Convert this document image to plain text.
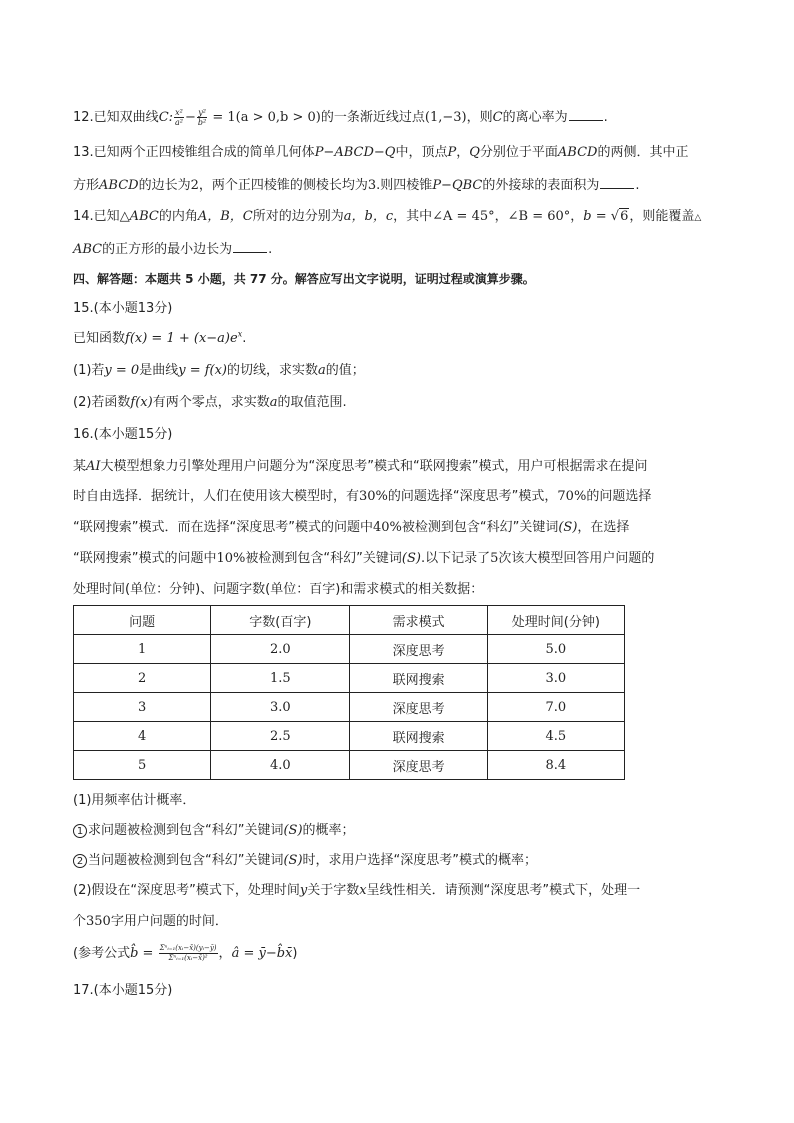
12.已知双曲线C: $\frac{\text{x²}}{\text{a²}} - \frac{\text{y²}}{\text{b²}} = 1(a > 0,b > 0)$的一条渐近线过点(1,−3)，则C的离心率为	.
13.已知两个正四棱锥组合成的简单几何体P−ABCD−Q中，顶点P，Q分别位于平面ABCD的两侧．其中正
方形ABCD的边长为2，两个正四棱锥的侧棱长均为3.则四棱锥P−QBC的外接球的表面积为	.
14.已知△ABC的内角A，B，C所对的边分别为a，b，c，其中∠A = 45°，∠B = 60°，b = √6，则能覆盖△
ABC的正方形的最小边长为	.
四、解答题：本题共 5 小题，共 77 分。解答应写出文字说明，证明过程或演算步骤。
15.(本小题13分)
已知函数$f(x) = 1 + (x-a)e^x$.
(1)若y = 0是曲线y = f(x)的切线，求实数a的值；
(2)若函数f(x)有两个零点，求实数a的取值范围.
16.(本小题15分)
某AI大模型想象力引擎处理用户问题分为“深度思考”模式和“联网搜索”模式，用户可根据需求在提问
时自由选择．据统计，人们在使用该大模型时，有30%的问题选择“深度思考”模式，70%的问题选择
“联网搜索”模式．而在选择“深度思考”模式的问题中40%被检测到包含“科幻”关键词(S)，在选择
“联网搜索”模式的问题中10%被检测到包含“科幻”关键词(S).以下记录了5次该大模型回答用户问题的
处理时间(单位：分钟)、问题字数(单位：百字)和需求模式的相关数据：
问题	字数(百字)	需求模式	处理时间(分钟)
1	2.0	深度思考	5.0
2	1.5	联网搜索	3.0
3	3.0	深度思考	7.0
4	2.5	联网搜索	4.5
5	4.0	深度思考	8.4
(1)用频率估计概率．
1 求问题被检测到包含“科幻”关键词(S)的概率；
2 当问题被检测到包含“科幻”关键词(S)时，求用户选择“深度思考”模式的概率；
(2)假设在“深度思考”模式下，处理时间y关于字数x呈线性相关．请预测“深度思考”模式下，处理一
个350字用户问题的时间．
(参考公式b̂ = $\frac{\text{Σⁿᵢ₌₁(xᵢ−x̄)(yᵢ−ȳ)}}{\text{Σⁿᵢ₌₁(xᵢ−x̄)²}}$ ，â = ȳ−b̂x̄)
17.(本小题15分)
